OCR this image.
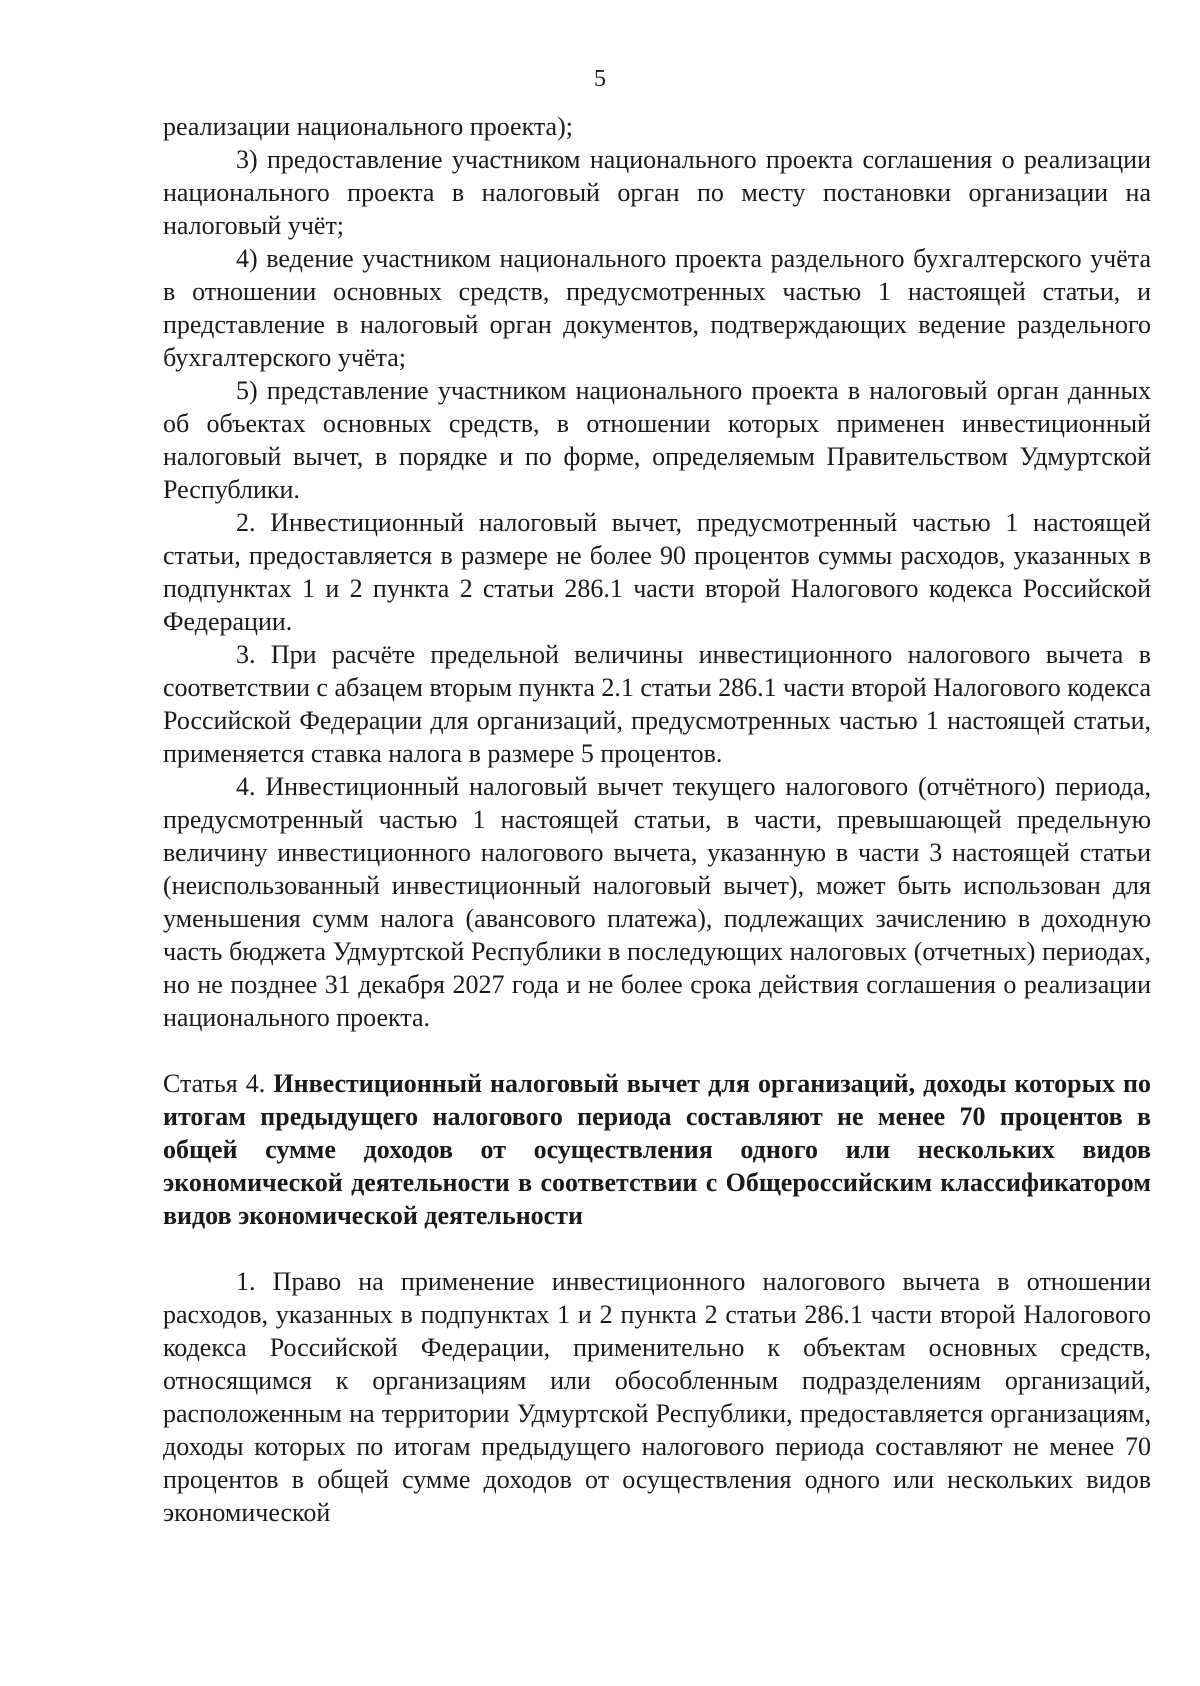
5

реализации национального проекта);

3) предоставление участником национального проекта соглашения о реализации национального проекта в налоговый орган по месту постановки организации на налоговый учёт;

4) ведение участником национального проекта раздельного бухгалтерского учёта в отношении основных средств, предусмотренных частью 1 настоящей статьи, и представление в налоговый орган документов, подтверждающих ведение раздельного бухгалтерского учёта;

5) представление участником национального проекта в налоговый орган данных об объектах основных средств, в отношении которых применен инвестиционный налоговый вычет, в порядке и по форме, определяемым Правительством Удмуртской Республики.

2. Инвестиционный налоговый вычет, предусмотренный частью 1 настоящей статьи, предоставляется в размере не более 90 процентов суммы расходов, указанных в подпунктах 1 и 2 пункта 2 статьи 286.1 части второй Налогового кодекса Российской Федерации.

3. При расчёте предельной величины инвестиционного налогового вычета в соответствии с абзацем вторым пункта 2.1 статьи 286.1 части второй Налогового кодекса Российской Федерации для организаций, предусмотренных частью 1 настоящей статьи, применяется ставка налога в размере 5 процентов.

4. Инвестиционный налоговый вычет текущего налогового (отчётного) периода, предусмотренный частью 1 настоящей статьи, в части, превышающей предельную величину инвестиционного налогового вычета, указанную в части 3 настоящей статьи (неиспользованный инвестиционный налоговый вычет), может быть использован для уменьшения сумм налога (авансового платежа), подлежащих зачислению в доходную часть бюджета Удмуртской Республики в последующих налоговых (отчетных) периодах, но не позднее 31 декабря 2027 года и не более срока действия соглашения о реализации национального проекта.

Статья 4. Инвестиционный налоговый вычет для организаций, доходы которых по итогам предыдущего налогового периода составляют не менее 70 процентов в общей сумме доходов от осуществления одного или нескольких видов экономической деятельности в соответствии с Общероссийским классификатором видов экономической деятельности

1. Право на применение инвестиционного налогового вычета в отношении расходов, указанных в подпунктах 1 и 2 пункта 2 статьи 286.1 части второй Налогового кодекса Российской Федерации, применительно к объектам основных средств, относящимся к организациям или обособленным подразделениям организаций, расположенным на территории Удмуртской Республики, предоставляется организациям, доходы которых по итогам предыдущего налогового периода составляют не менее 70 процентов в общей сумме доходов от осуществления одного или нескольких видов экономической
